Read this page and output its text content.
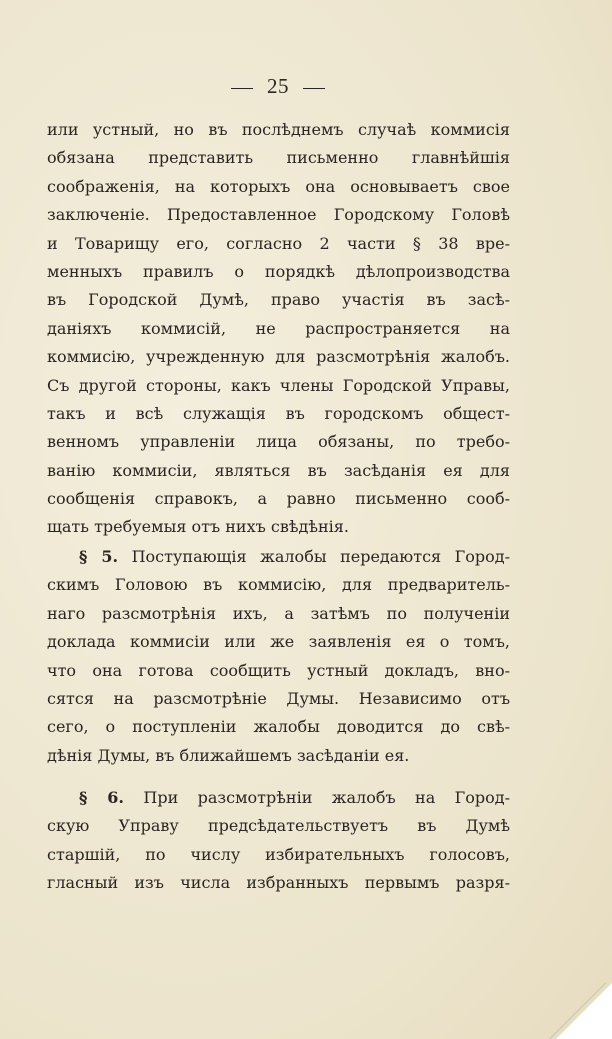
25
или устный, но въ послѣднемъ случаѣ коммисія
обязана представить письменно главнѣйшія
соображенія, на которыхъ она основываетъ свое
заключеніе. Предоставленное Городскому Головѣ
и Товарищу его, согласно 2 части § 38 вре-
менныхъ правилъ о порядкѣ дѣлопроизводства
въ Городской Думѣ, право участія въ засѣ-
даніяхъ коммисій, не распространяется на
коммисію, учрежденную для разсмотрѣнія жалобъ.
Съ другой стороны, какъ члены Городской Управы,
такъ и всѣ служащія въ городскомъ общест-
венномъ управленіи лица обязаны, по требо-
ванію коммисіи, являться въ засѣданія ея для
сообщенія справокъ, а равно письменно сооб-
щать требуемыя отъ нихъ свѣдѣнія.
§ 5. Поступающія жалобы передаются Город-
скимъ Головою въ коммисію, для предваритель-
наго разсмотрѣнія ихъ, а затѣмъ по полученіи
доклада коммисіи или же заявленія ея о томъ,
что она готова сообщить устный докладъ, вно-
сятся на разсмотрѣніе Думы. Независимо отъ
сего, о поступленіи жалобы доводится до свѣ-
дѣнія Думы, въ ближайшемъ засѣданіи ея.
§ 6. При разсмотрѣніи жалобъ на Город-
скую Управу предсѣдательствуетъ въ Думѣ
старшій, по числу избирательныхъ голосовъ,
гласный изъ числа избранныхъ первымъ разря-
